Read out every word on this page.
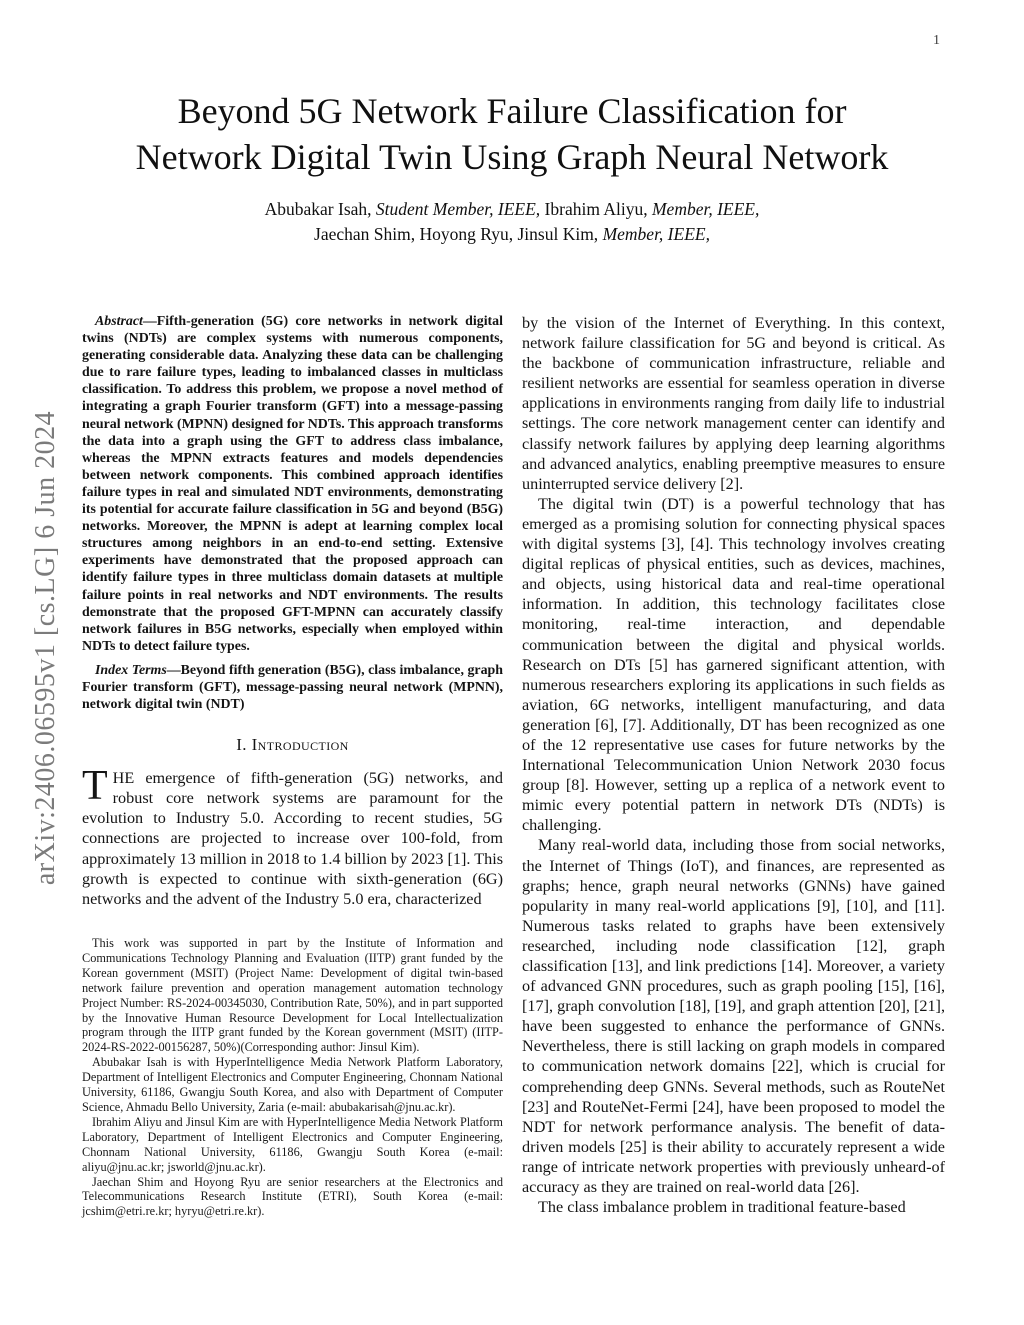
1
arXiv:2406.06595v1 [cs.LG] 6 Jun 2024
Beyond 5G Network Failure Classification for
Network Digital Twin Using Graph Neural Network
Abubakar Isah, Student Member, IEEE, Ibrahim Aliyu, Member, IEEE,
Jaechan Shim, Hoyong Ryu, Jinsul Kim, Member, IEEE,

Abstract—Fifth-generation (5G) core networks in network digital twins (NDTs) are complex systems with numerous components, generating considerable data. Analyzing these data can be challenging due to rare failure types, leading to imbalanced classes in multiclass classification. To address this problem, we propose a novel method of integrating a graph Fourier transform (GFT) into a message-passing neural network (MPNN) designed for NDTs. This approach transforms the data into a graph using the GFT to address class imbalance, whereas the MPNN extracts features and models dependencies between network components. This combined approach identifies failure types in real and simulated NDT environments, demonstrating its potential for accurate failure classification in 5G and beyond (B5G) networks. Moreover, the MPNN is adept at learning complex local structures among neighbors in an end-to-end setting. Extensive experiments have demonstrated that the proposed approach can identify failure types in three multiclass domain datasets at multiple failure points in real networks and NDT environments. The results demonstrate that the proposed GFT-MPNN can accurately classify network failures in B5G networks, especially when employed within NDTs to detect failure types.

Index Terms—Beyond fifth generation (B5G), class imbalance, graph Fourier transform (GFT), message-passing neural network (MPNN), network digital twin (NDT)

I. Introduction

THE emergence of fifth-generation (5G) networks, and robust core network systems are paramount for the evolution to Industry 5.0. According to recent studies, 5G connections are projected to increase over 100-fold, from approximately 13 million in 2018 to 1.4 billion by 2023 [1]. This growth is expected to continue with sixth-generation (6G) networks and the advent of the Industry 5.0 era, characterized

This work was supported in part by the Institute of Information and Communications Technology Planning and Evaluation (IITP) grant funded by the Korean government (MSIT) (Project Name: Development of digital twin-based network failure prevention and operation management automation technology Project Number: RS-2024-00345030, Contribution Rate, 50%), and in part supported by the Innovative Human Resource Development for Local Intellectualization program through the IITP grant funded by the Korean government (MSIT) (IITP-2024-RS-2022-00156287, 50%)(Corresponding author: Jinsul Kim).

Abubakar Isah is with HyperIntelligence Media Network Platform Laboratory, Department of Intelligent Electronics and Computer Engineering, Chonnam National University, 61186, Gwangju South Korea, and also with Department of Computer Science, Ahmadu Bello University, Zaria (e-mail: abubakarisah@jnu.ac.kr).

Ibrahim Aliyu and Jinsul Kim are with HyperIntelligence Media Network Platform Laboratory, Department of Intelligent Electronics and Computer Engineering, Chonnam National University, 61186, Gwangju South Korea (e-mail: aliyu@jnu.ac.kr; jsworld@jnu.ac.kr).

Jaechan Shim and Hoyong Ryu are senior researchers at the Electronics and Telecommunications Research Institute (ETRI), South Korea (e-mail: jcshim@etri.re.kr; hyryu@etri.re.kr).

by the vision of the Internet of Everything. In this context, network failure classification for 5G and beyond is critical. As the backbone of communication infrastructure, reliable and resilient networks are essential for seamless operation in diverse applications in environments ranging from daily life to industrial settings. The core network management center can identify and classify network failures by applying deep learning algorithms and advanced analytics, enabling preemptive measures to ensure uninterrupted service delivery [2].

The digital twin (DT) is a powerful technology that has emerged as a promising solution for connecting physical spaces with digital systems [3], [4]. This technology involves creating digital replicas of physical entities, such as devices, machines, and objects, using historical data and real-time operational information. In addition, this technology facilitates close monitoring, real-time interaction, and dependable communication between the digital and physical worlds. Research on DTs [5] has garnered significant attention, with numerous researchers exploring its applications in such fields as aviation, 6G networks, intelligent manufacturing, and data generation [6], [7]. Additionally, DT has been recognized as one of the 12 representative use cases for future networks by the International Telecommunication Union Network 2030 focus group [8]. However, setting up a replica of a network event to mimic every potential pattern in network DTs (NDTs) is challenging.

Many real-world data, including those from social networks, the Internet of Things (IoT), and finances, are represented as graphs; hence, graph neural networks (GNNs) have gained popularity in many real-world applications [9], [10], and [11]. Numerous tasks related to graphs have been extensively researched, including node classification [12], graph classification [13], and link predictions [14]. Moreover, a variety of advanced GNN procedures, such as graph pooling [15], [16], [17], graph convolution [18], [19], and graph attention [20], [21], have been suggested to enhance the performance of GNNs. Nevertheless, there is still lacking on graph models in compared to communication network domains [22], which is crucial for comprehending deep GNNs. Several methods, such as RouteNet [23] and RouteNet-Fermi [24], have been proposed to model the NDT for network performance analysis. The benefit of data-driven models [25] is their ability to accurately represent a wide range of intricate network properties with previously unheard-of accuracy as they are trained on real-world data [26].

The class imbalance problem in traditional feature-based
